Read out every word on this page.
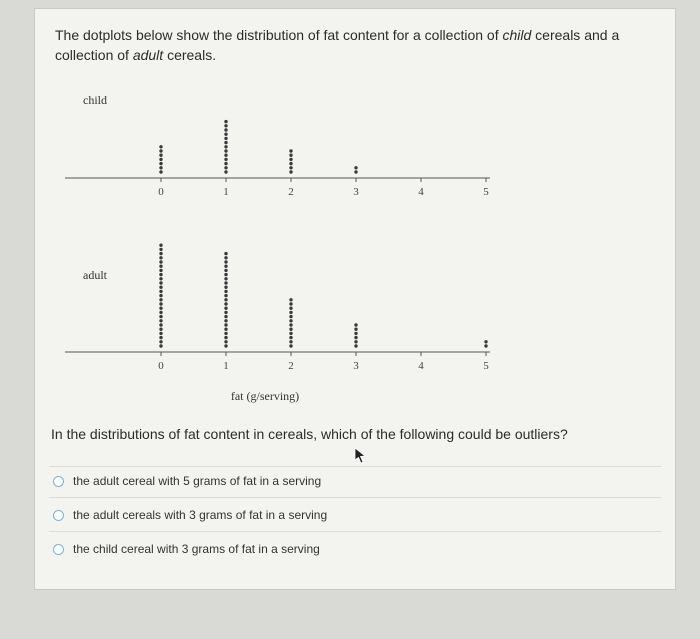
The dotplots below show the distribution of fat content for a collection of child cereals and a collection of adult cereals.
0	1	2	3	4	5
child
0	1	2	3	4	5
adult
fat (g/serving)
In the distributions of fat content in cereals, which of the following could be outliers?
the adult cereal with 5 grams of fat in a serving
the adult cereals with 3 grams of fat in a serving
the child cereal with 3 grams of fat in a serving
